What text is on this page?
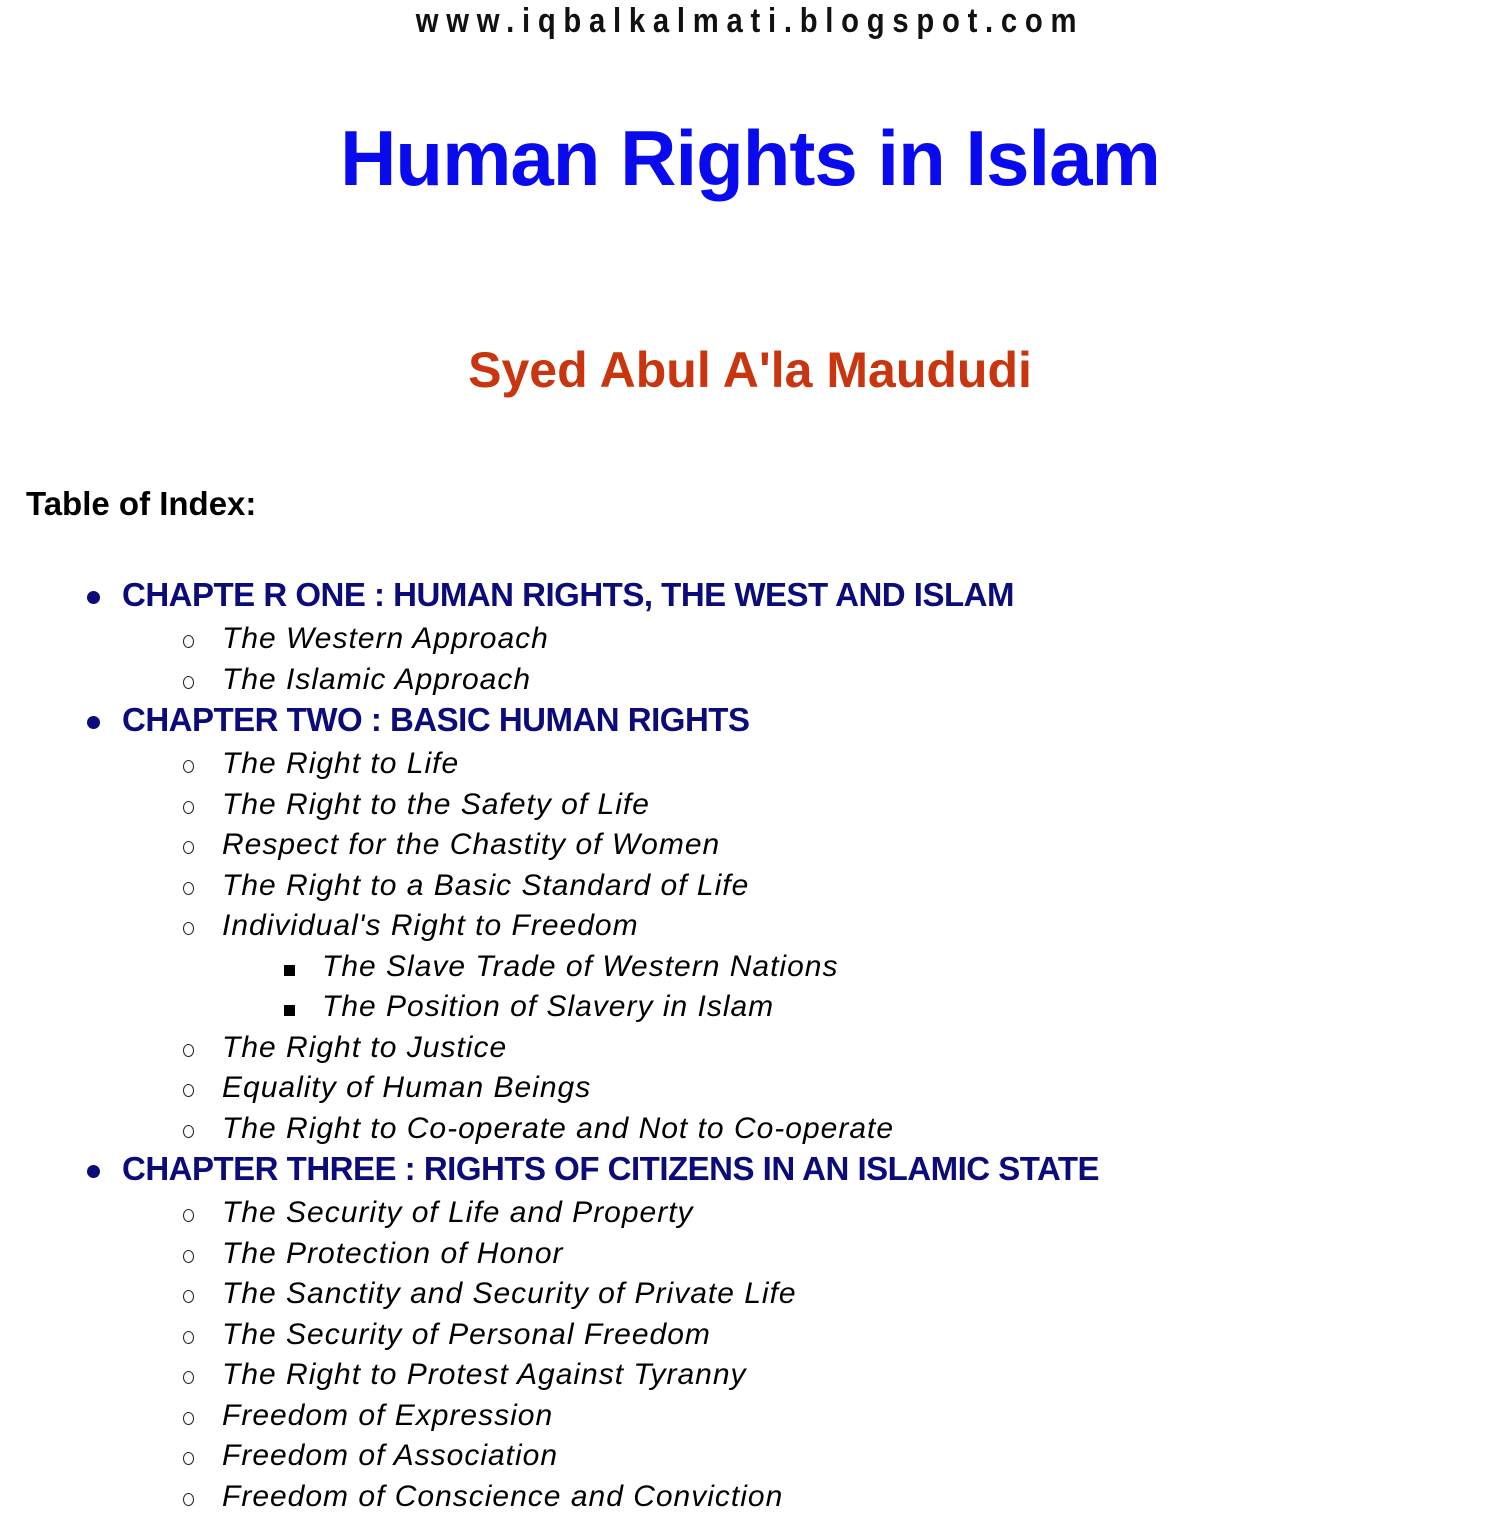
www.iqbalkalmati.blogspot.com
Human Rights in Islam
Syed Abul A'la Maududi
Table of Index:
CHAPTE R ONE : HUMAN RIGHTS, THE WEST AND ISLAM
The Western Approach
The Islamic Approach
CHAPTER TWO : BASIC HUMAN RIGHTS
The Right to Life
The Right to the Safety of Life
Respect for the Chastity of Women
The Right to a Basic Standard of Life
Individual's Right to Freedom
The Slave Trade of Western Nations
The Position of Slavery in Islam
The Right to Justice
Equality of Human Beings
The Right to Co-operate and Not to Co-operate
CHAPTER THREE : RIGHTS OF CITIZENS IN AN ISLAMIC STATE
The Security of Life and Property
The Protection of Honor
The Sanctity and Security of Private Life
The Security of Personal Freedom
The Right to Protest Against Tyranny
Freedom of Expression
Freedom of Association
Freedom of Conscience and Conviction
